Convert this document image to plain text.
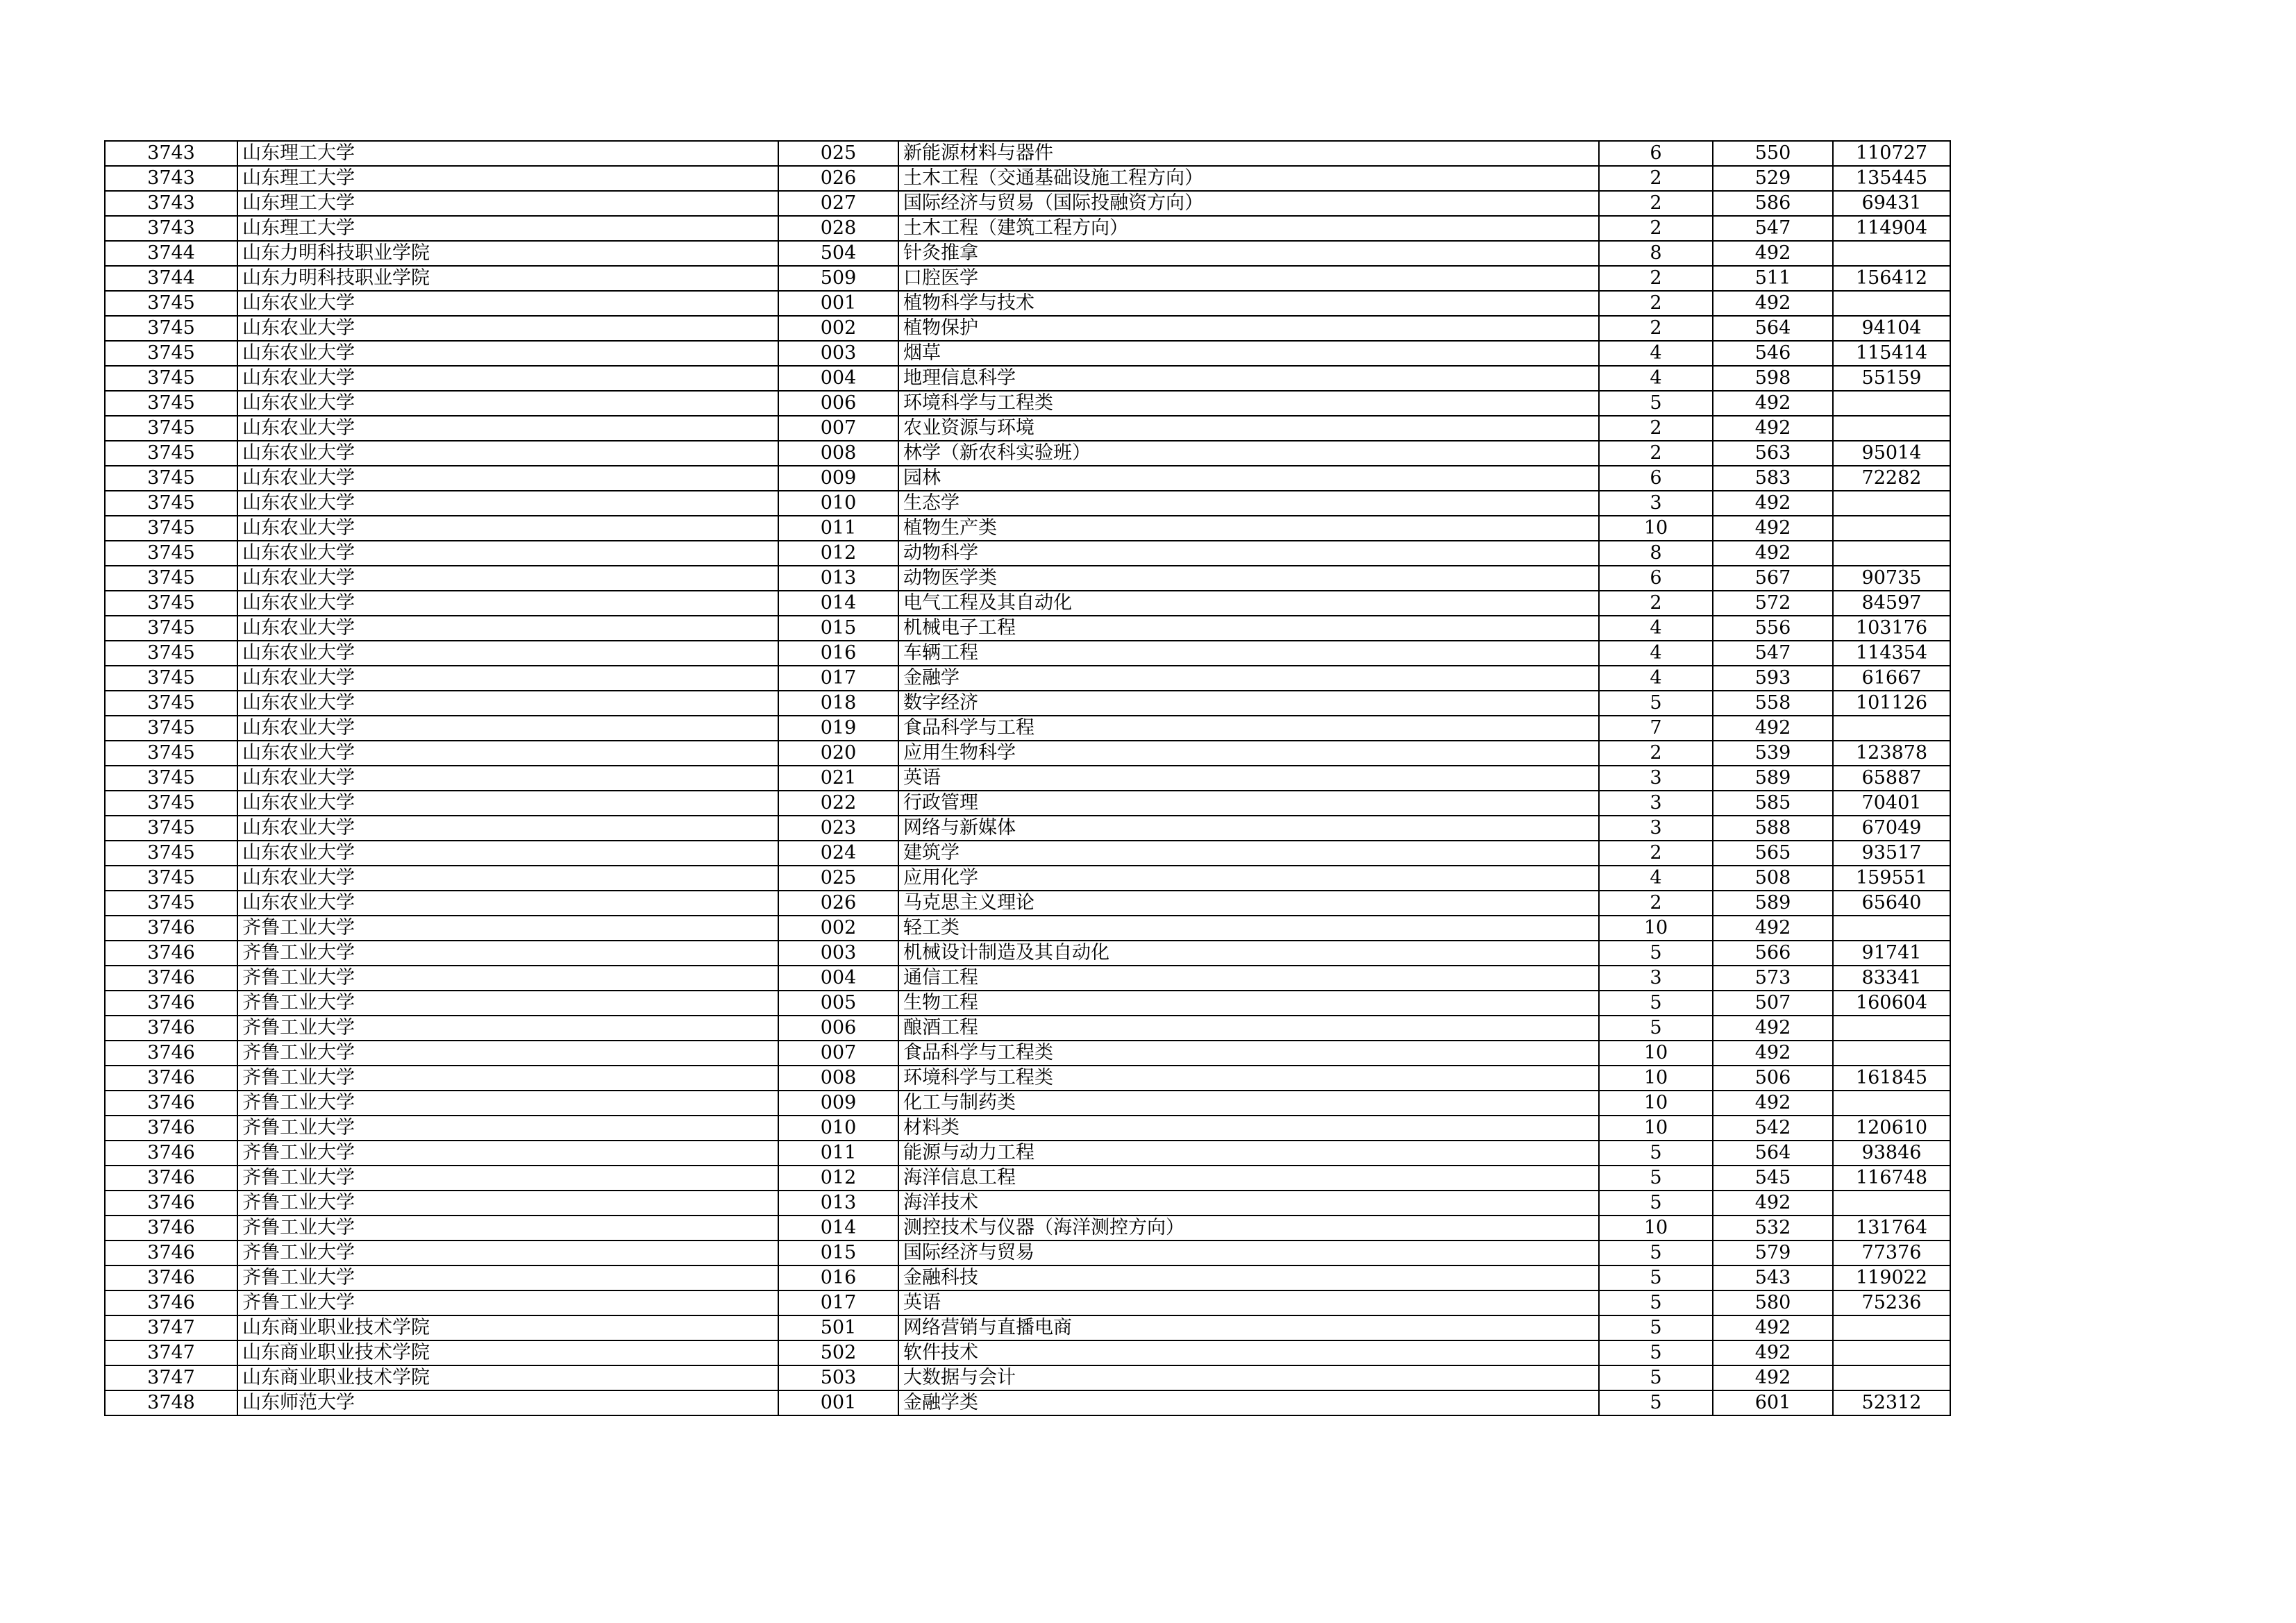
3743	山东理工大学	025	新能源材料与器件	6	550	110727
3743	山东理工大学	026	土木工程（交通基础设施工程方向）	2	529	135445
3743	山东理工大学	027	国际经济与贸易（国际投融资方向）	2	586	69431
3743	山东理工大学	028	土木工程（建筑工程方向）	2	547	114904
3744	山东力明科技职业学院	504	针灸推拿	8	492	
3744	山东力明科技职业学院	509	口腔医学	2	511	156412
3745	山东农业大学	001	植物科学与技术	2	492	
3745	山东农业大学	002	植物保护	2	564	94104
3745	山东农业大学	003	烟草	4	546	115414
3745	山东农业大学	004	地理信息科学	4	598	55159
3745	山东农业大学	006	环境科学与工程类	5	492	
3745	山东农业大学	007	农业资源与环境	2	492	
3745	山东农业大学	008	林学（新农科实验班）	2	563	95014
3745	山东农业大学	009	园林	6	583	72282
3745	山东农业大学	010	生态学	3	492	
3745	山东农业大学	011	植物生产类	10	492	
3745	山东农业大学	012	动物科学	8	492	
3745	山东农业大学	013	动物医学类	6	567	90735
3745	山东农业大学	014	电气工程及其自动化	2	572	84597
3745	山东农业大学	015	机械电子工程	4	556	103176
3745	山东农业大学	016	车辆工程	4	547	114354
3745	山东农业大学	017	金融学	4	593	61667
3745	山东农业大学	018	数字经济	5	558	101126
3745	山东农业大学	019	食品科学与工程	7	492	
3745	山东农业大学	020	应用生物科学	2	539	123878
3745	山东农业大学	021	英语	3	589	65887
3745	山东农业大学	022	行政管理	3	585	70401
3745	山东农业大学	023	网络与新媒体	3	588	67049
3745	山东农业大学	024	建筑学	2	565	93517
3745	山东农业大学	025	应用化学	4	508	159551
3745	山东农业大学	026	马克思主义理论	2	589	65640
3746	齐鲁工业大学	002	轻工类	10	492	
3746	齐鲁工业大学	003	机械设计制造及其自动化	5	566	91741
3746	齐鲁工业大学	004	通信工程	3	573	83341
3746	齐鲁工业大学	005	生物工程	5	507	160604
3746	齐鲁工业大学	006	酿酒工程	5	492	
3746	齐鲁工业大学	007	食品科学与工程类	10	492	
3746	齐鲁工业大学	008	环境科学与工程类	10	506	161845
3746	齐鲁工业大学	009	化工与制药类	10	492	
3746	齐鲁工业大学	010	材料类	10	542	120610
3746	齐鲁工业大学	011	能源与动力工程	5	564	93846
3746	齐鲁工业大学	012	海洋信息工程	5	545	116748
3746	齐鲁工业大学	013	海洋技术	5	492	
3746	齐鲁工业大学	014	测控技术与仪器（海洋测控方向）	10	532	131764
3746	齐鲁工业大学	015	国际经济与贸易	5	579	77376
3746	齐鲁工业大学	016	金融科技	5	543	119022
3746	齐鲁工业大学	017	英语	5	580	75236
3747	山东商业职业技术学院	501	网络营销与直播电商	5	492	
3747	山东商业职业技术学院	502	软件技术	5	492	
3747	山东商业职业技术学院	503	大数据与会计	5	492	
3748	山东师范大学	001	金融学类	5	601	52312
